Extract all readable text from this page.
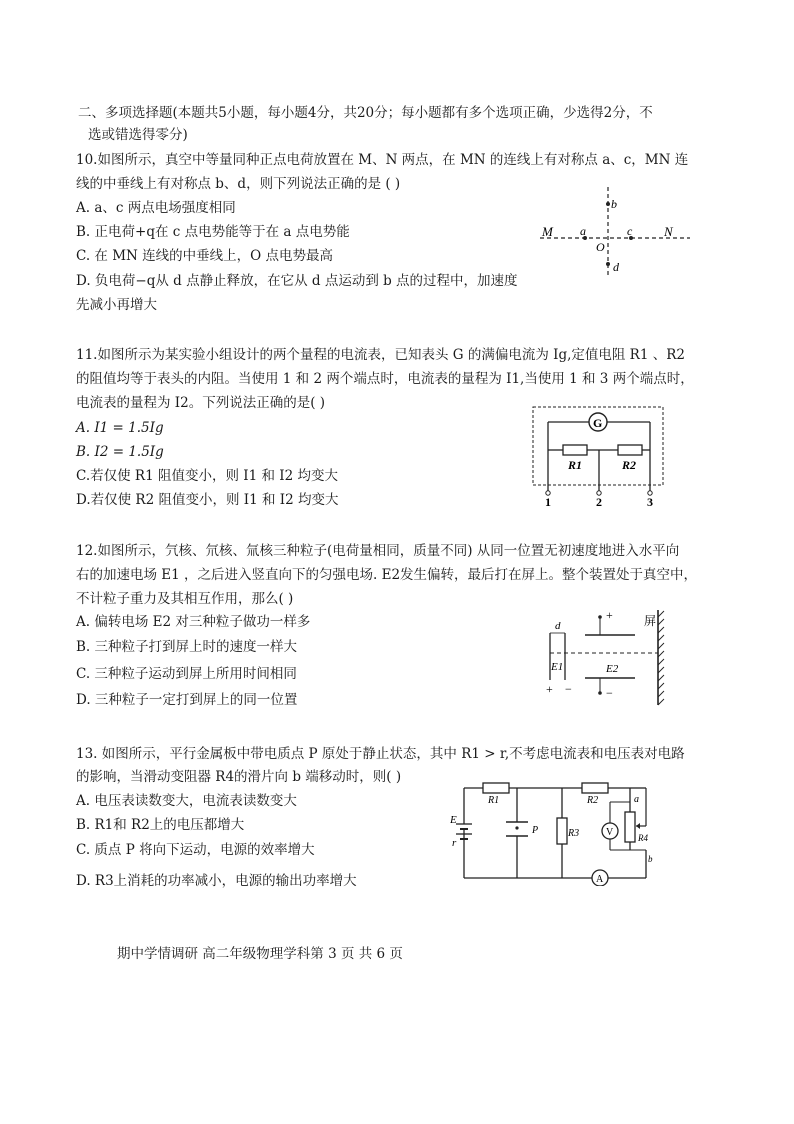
二、多项选择题(本题共5小题，每小题4分，共20分；每小题都有多个选项正确，少选得2分，不
选或错选得零分)
10.如图所示，真空中等量同种正点电荷放置在 M、N 两点，在 MN 的连线上有对称点 a、c，MN 连
线的中垂线上有对称点 b、d，则下列说法正确的是 ( )
A. a、c 两点电场强度相同
B. 正电荷+q在 c 点电势能等于在 a 点电势能
C. 在 MN 连线的中垂线上，O 点电势最高
D. 负电荷−q从 d 点静止释放，在它从 d 点运动到 b 点的过程中，加速度
先减小再增大
M a
O
c N
b
d
11.如图所示为某实验小组设计的两个量程的电流表，已知表头 G 的满偏电流为 Ig,定值电阻 R1 、R2
的阻值均等于表头的内阻。当使用 1 和 2 两个端点时，电流表的量程为 I1,当使用 1 和 3 两个端点时，
电流表的量程为 I2。下列说法正确的是( )
A. I1 = 1.5Ig
B. I2 = 1.5Ig
C.若仅使 R1 阻值变小，则 I1 和 I2 均变大
D.若仅使 R2 阻值变小，则 I1 和 I2 均变大
G
R1	R2
1	2	3
12.如图所示，氕核、氘核、氚核三种粒子(电荷量相同，质量不同) 从同一位置无初速度地进入水平向
右的加速电场 E1 ，之后进入竖直向下的匀强电场. E2发生偏转，最后打在屏上。整个装置处于真空中，
不计粒子重力及其相互作用，那么( )
A. 偏转电场 E2 对三种粒子做功一样多
B. 三种粒子打到屏上时的速度一样大
C. 三种粒子运动到屏上所用时间相同
D. 三种粒子一定打到屏上的同一位置
d
E1
+ −
+
−
E2
屏
13. 如图所示，平行金属板中带电质点 P 原处于静止状态，其中 R1 > r,不考虑电流表和电压表对电路
的影响，当滑动变阻器 R4的滑片向 b 端移动时，则( )
A. 电压表读数变大，电流表读数变大
B. R1和 R2上的电压都增大
C. 质点 P 将向下运动，电源的效率增大
D. R3上消耗的功率减小，电源的输出功率增大
E
r
R1
P	R3
R2	a
R4
V
b
A
期中学情调研 高二年级物理学科第 3 页 共 6 页
